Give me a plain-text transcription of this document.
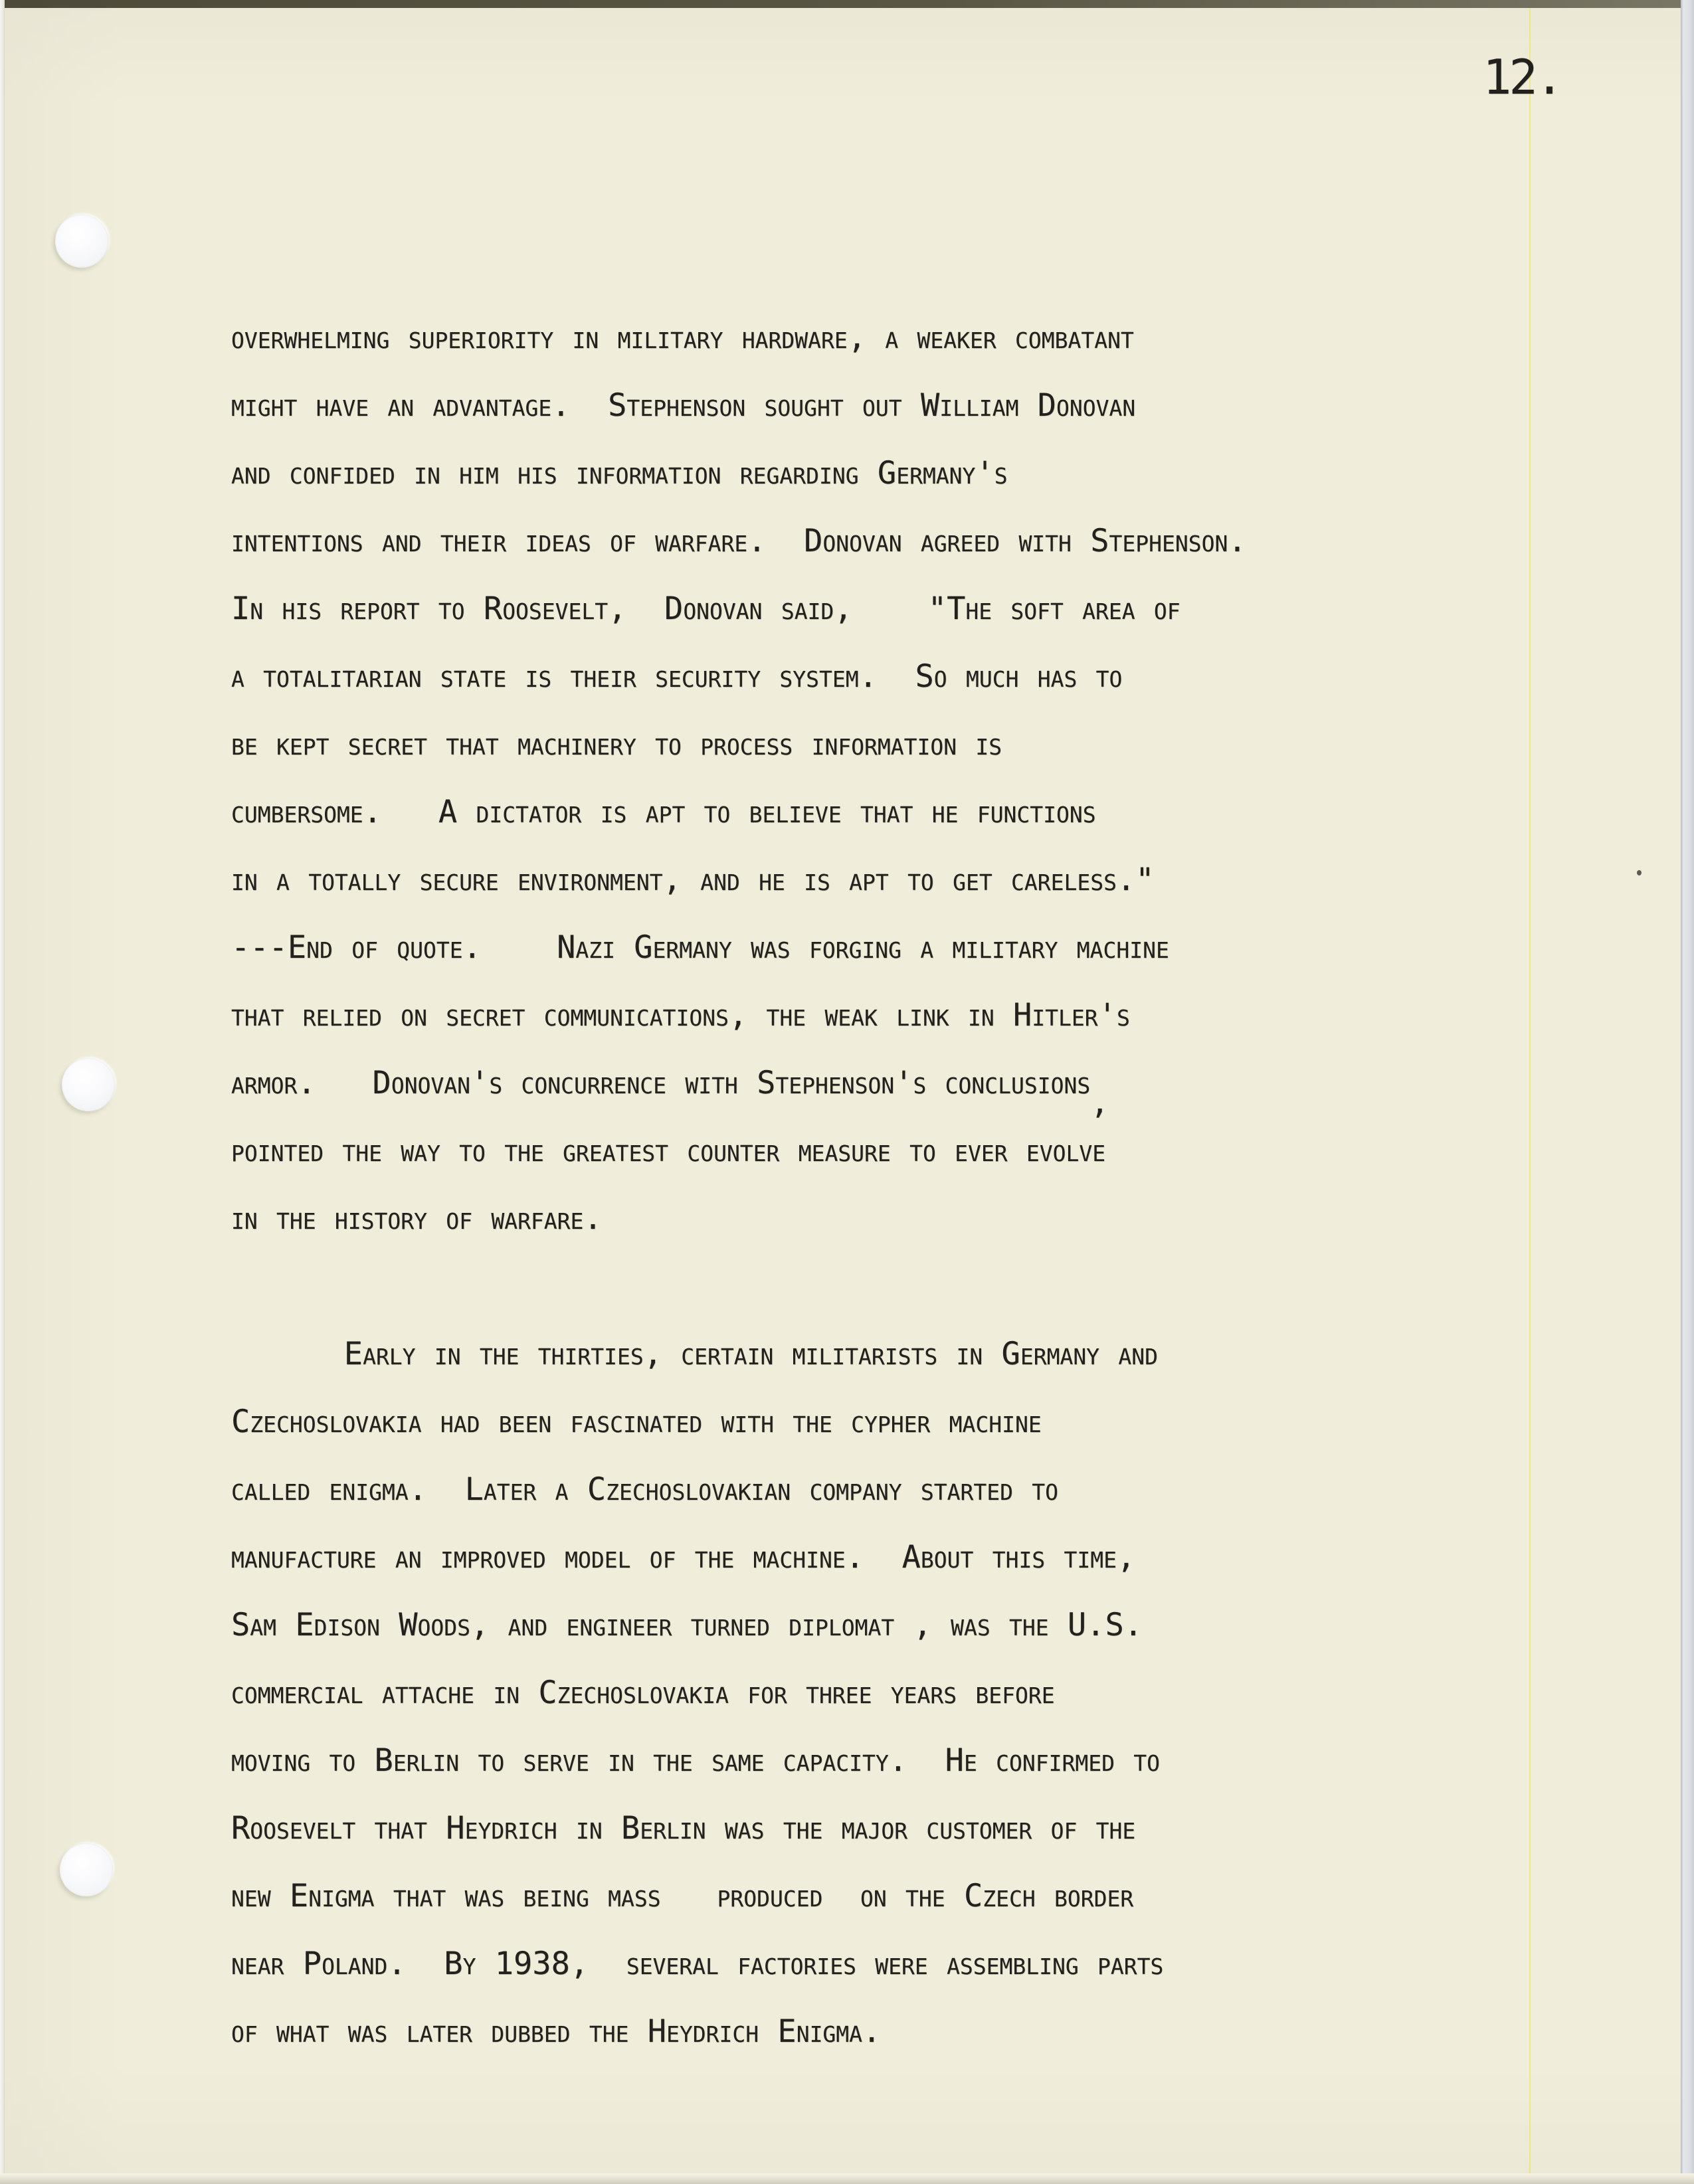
12.
overwhelming superiority in military hardware, a weaker combatant
might have an advantage.  Stephenson sought out William Donovan
and confided in him his information regarding Germany's
intentions and their ideas of warfare.  Donovan agreed with Stephenson.
In his report to Roosevelt,  Donovan said,    "The soft area of
a totalitarian state is their security system.  So much has to
be kept secret that machinery to process information is
cumbersome.   A dictator is apt to believe that he functions
in a totally secure environment, and he is apt to get careless."
---End of quote.    Nazi Germany was forging a military machine
that relied on secret communications, the weak link in Hitler's
armor.   Donovan's concurrence with Stephenson's conclusions,
pointed the way to the greatest counter measure to ever evolve
in the history of warfare.
Early in the thirties, certain militarists in Germany and
Czechoslovakia had been fascinated with the cypher machine
called enigma.  Later a Czechoslovakian company started to
manufacture an improved model of the machine.  About this time,
Sam Edison Woods, and engineer turned diplomat , was the U.S.
commercial attache in Czechoslovakia for three years before
moving to Berlin to serve in the same capacity.  He confirmed to
Roosevelt that Heydrich in Berlin was the major customer of the
new Enigma that was being mass   produced  on the Czech border
near Poland.  By 1938,  several factories were assembling parts
of what was later dubbed the Heydrich Enigma.
